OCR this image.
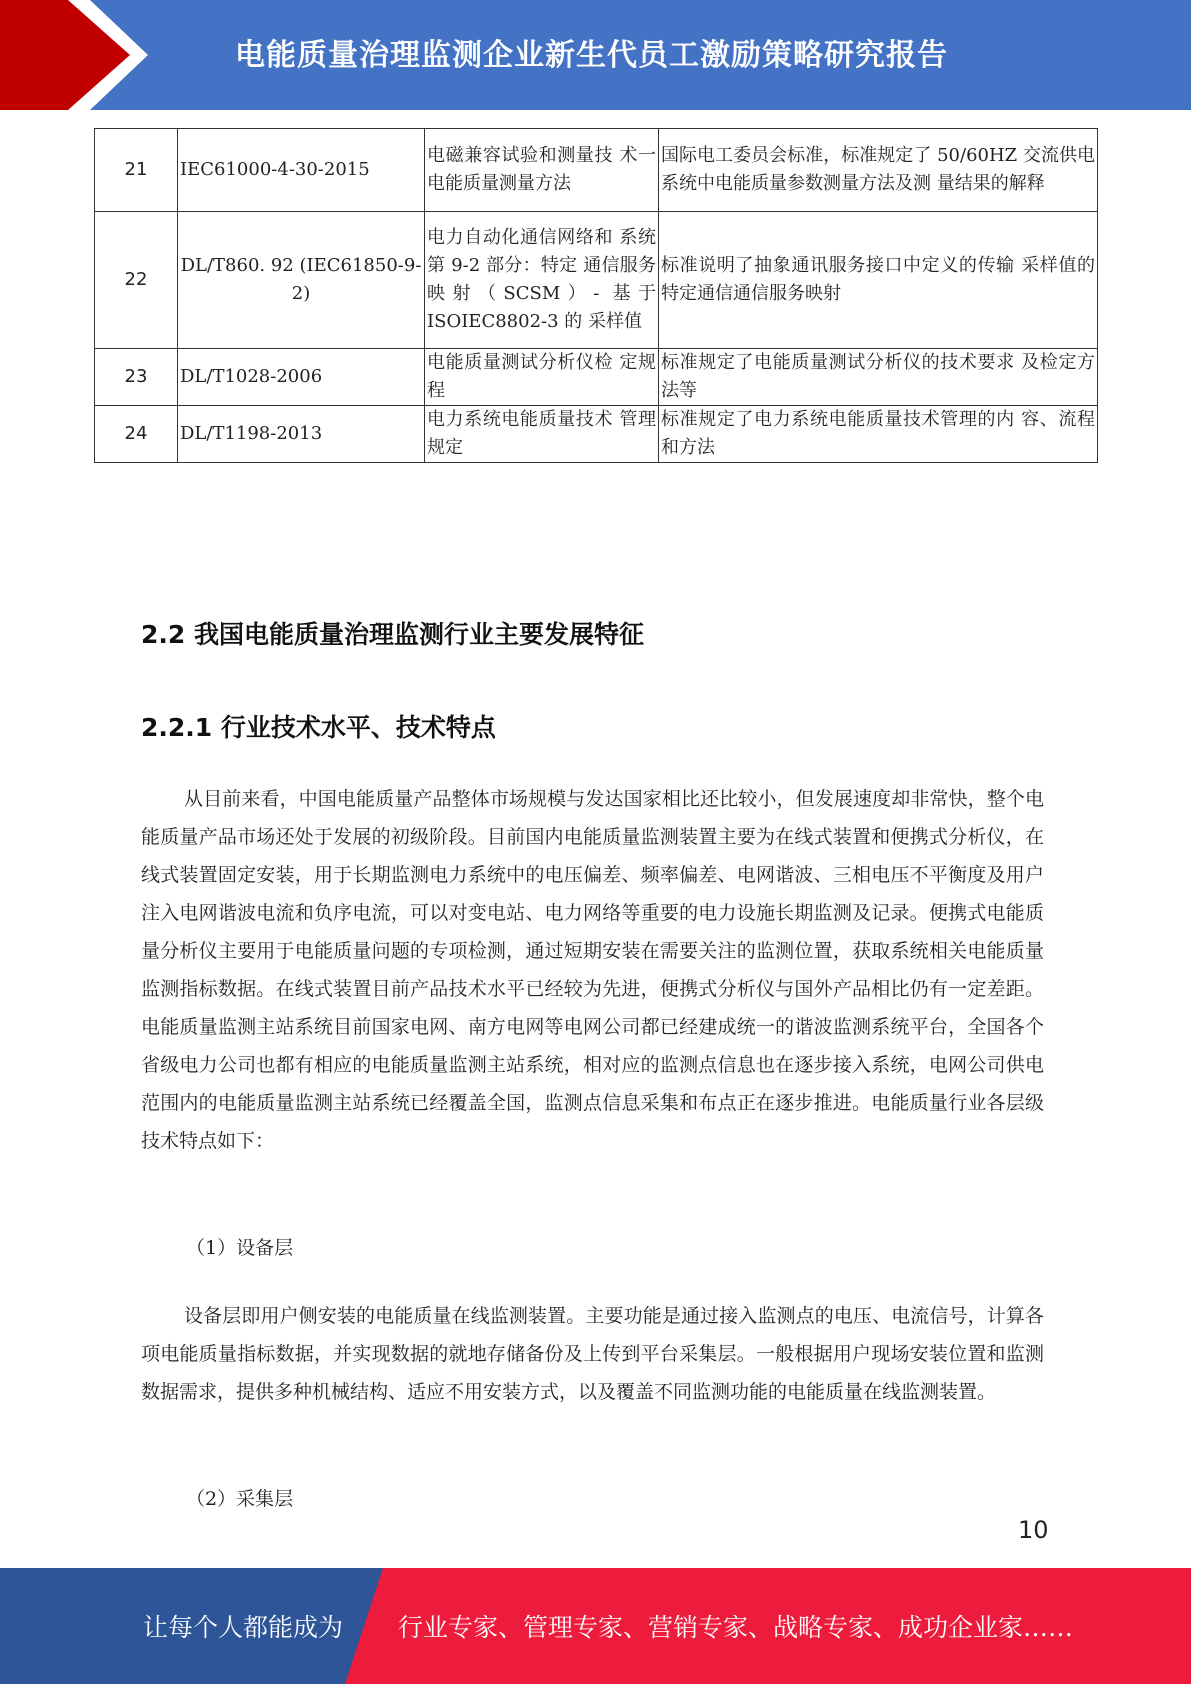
电能质量治理监测企业新生代员工激励策略研究报告
21	IEC61000-4-30-2015	电磁兼容试验和测量技 术一电能质量测量方法	国际电工委员会标准，标准规定了 50/60HZ 交流供电系统中电能质量参数测量方法及测 量结果的解释
22	DL/T860. 92 (IEC61850-9-2)	电力自动化通信网络和 系统第 9-2 部分：特定 通信服务映射（SCSM）- 基于 ISOIEC8802-3 的 采样值	标准说明了抽象通讯服务接口中定义的传输 采样值的特定通信通信服务映射
23	DL/T1028-2006	电能质量测试分析仪检 定规程	标准规定了电能质量测试分析仪的技术要求 及检定方法等
24	DL/T1198-2013	电力系统电能质量技术 管理规定	标准规定了电力系统电能质量技术管理的内 容、流程和方法
2.2 我国电能质量治理监测行业主要发展特征
2.2.1 行业技术水平、技术特点

从目前来看，中国电能质量产品整体市场规模与发达国家相比还比较小，但发展速度却非常快，整个电能质量产品市场还处于发展的初级阶段。目前国内电能质量监测装置主要为在线式装置和便携式分析仪，在线式装置固定安装，用于长期监测电力系统中的电压偏差、频率偏差、电网谐波、三相电压不平衡度及用户注入电网谐波电流和负序电流，可以对变电站、电力网络等重要的电力设施长期监测及记录。便携式电能质量分析仪主要用于电能质量问题的专项检测，通过短期安装在需要关注的监测位置，获取系统相关电能质量监测指标数据。在线式装置目前产品技术水平已经较为先进，便携式分析仪与国外产品相比仍有一定差距。电能质量监测主站系统目前国家电网、南方电网等电网公司都已经建成统一的谐波监测系统平台，全国各个省级电力公司也都有相应的电能质量监测主站系统，相对应的监测点信息也在逐步接入系统，电网公司供电范围内的电能质量监测主站系统已经覆盖全国，监测点信息采集和布点正在逐步推进。电能质量行业各层级技术特点如下：

（1）设备层

设备层即用户侧安装的电能质量在线监测装置。主要功能是通过接入监测点的电压、电流信号，计算各项电能质量指标数据，并实现数据的就地存储备份及上传到平台采集层。一般根据用户现场安装位置和监测数据需求，提供多种机械结构、适应不用安装方式，以及覆盖不同监测功能的电能质量在线监测装置。

（2）采集层
10
让每个人都能成为 行业专家、管理专家、营销专家、战略专家、成功企业家……
